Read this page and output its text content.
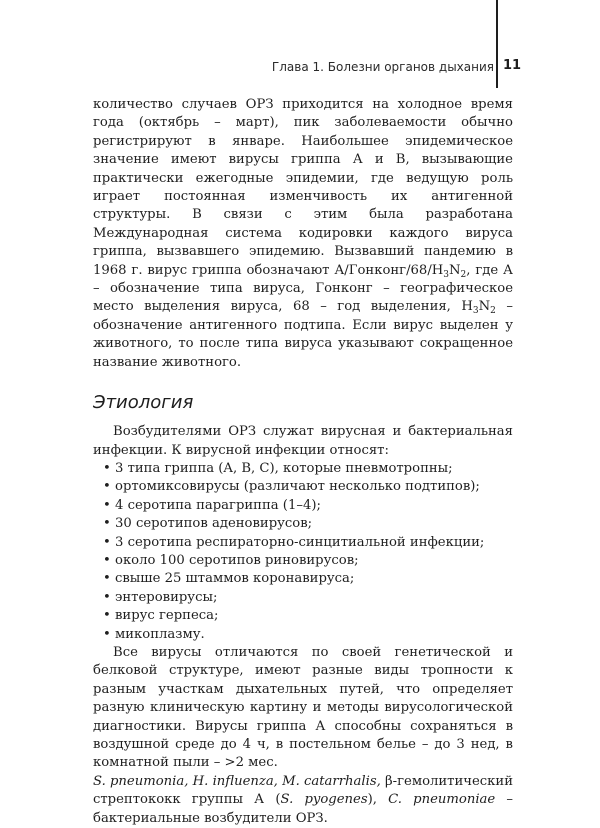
Глава 1. Болезни органов дыхания 11

количество случаев ОРЗ приходится на холодное время года (октябрь – март), пик заболеваемости обычно регистрируют в январе. Наибольшее эпидемическое значение имеют вирусы гриппа А и В, вызывающие практически ежегодные эпидемии, где ведущую роль играет постоянная изменчивость их антигенной структуры. В связи с этим была разработана Международная система кодировки каждого вируса гриппа, вызвавшего эпидемию. Вызвавший пандемию в 1968 г. вирус гриппа обозначают $А/Гонконг/68/H_3N_2$, где А – обозначение типа вируса, Гонконг – географическое место выделения вируса, 68 – год выделения, $H_3N_2$ – обозначение антигенного подтипа. Если вирус выделен у животного, то после типа вируса указывают сокращенное название животного.

Этиология

Возбудителями ОРЗ служат вирусная и бактериальная инфекции. К вирусной инфекции относят:

• 3 типа гриппа (A, B, C), которые пневмотропны;
• ортомиксовирусы (различают несколько подтипов);
• 4 серотипа парагриппа (1–4);
• 30 серотипов аденовирусов;
• 3 серотипа респираторно-синцитиальной инфекции;
• около 100 серотипов риновирусов;
• свыше 25 штаммов коронавируса;
• энтеровирусы;
• вирус герпеса;
• микоплазму.

Все вирусы отличаются по своей генетической и белковой структуре, имеют разные виды тропности к разным участкам дыхательных путей, что определяет разную клиническую картину и методы вирусологической диагностики. Вирусы гриппа А способны сохраняться в воздушной среде до 4 ч, в постельном белье – до 3 нед, в комнатной пыли – >2 мес.
S. pneumonia, H. influenza, M. catarrhalis, β-гемолитический стрептококк группы А (S. pyogenes), C. pneumoniae – бактериальные возбудители ОРЗ.
